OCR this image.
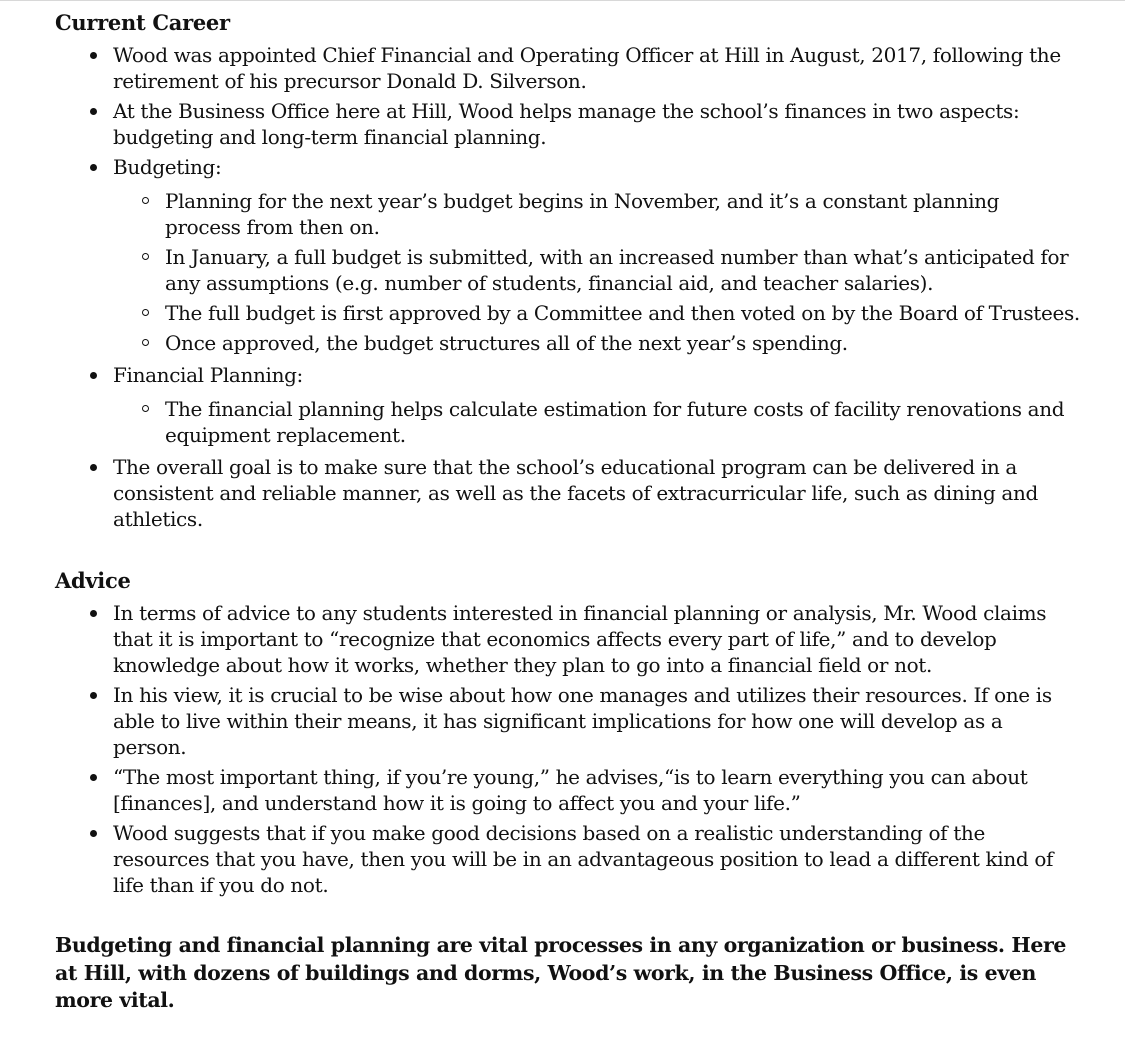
Current Career
Wood was appointed Chief Financial and Operating Officer at Hill in August, 2017, following the retirement of his precursor Donald D. Silverson.
At the Business Office here at Hill, Wood helps manage the school’s finances in two aspects: budgeting and long-term financial planning.
Budgeting:
Planning for the next year’s budget begins in November, and it’s a constant planning process from then on.
In January, a full budget is submitted, with an increased number than what’s anticipated for any assumptions (e.g. number of students, financial aid, and teacher salaries).
The full budget is first approved by a Committee and then voted on by the Board of Trustees.
Once approved, the budget structures all of the next year’s spending.
Financial Planning:
The financial planning helps calculate estimation for future costs of facility renovations and equipment replacement.
The overall goal is to make sure that the school’s educational program can be delivered in a consistent and reliable manner, as well as the facets of extracurricular life, such as dining and athletics.
Advice
In terms of advice to any students interested in financial planning or analysis, Mr. Wood claims that it is important to “recognize that economics affects every part of life,” and to develop knowledge about how it works, whether they plan to go into a financial field or not.
In his view, it is crucial to be wise about how one manages and utilizes their resources. If one is able to live within their means, it has significant implications for how one will develop as a person.
“The most important thing, if you’re young,” he advises,“is to learn everything you can about [finances], and understand how it is going to affect you and your life.”
Wood suggests that if you make good decisions based on a realistic understanding of the resources that you have, then you will be in an advantageous position to lead a different kind of life than if you do not.

Budgeting and financial planning are vital processes in any organization or business. Here at Hill, with dozens of buildings and dorms, Wood’s work, in the Business Office, is even more vital.
